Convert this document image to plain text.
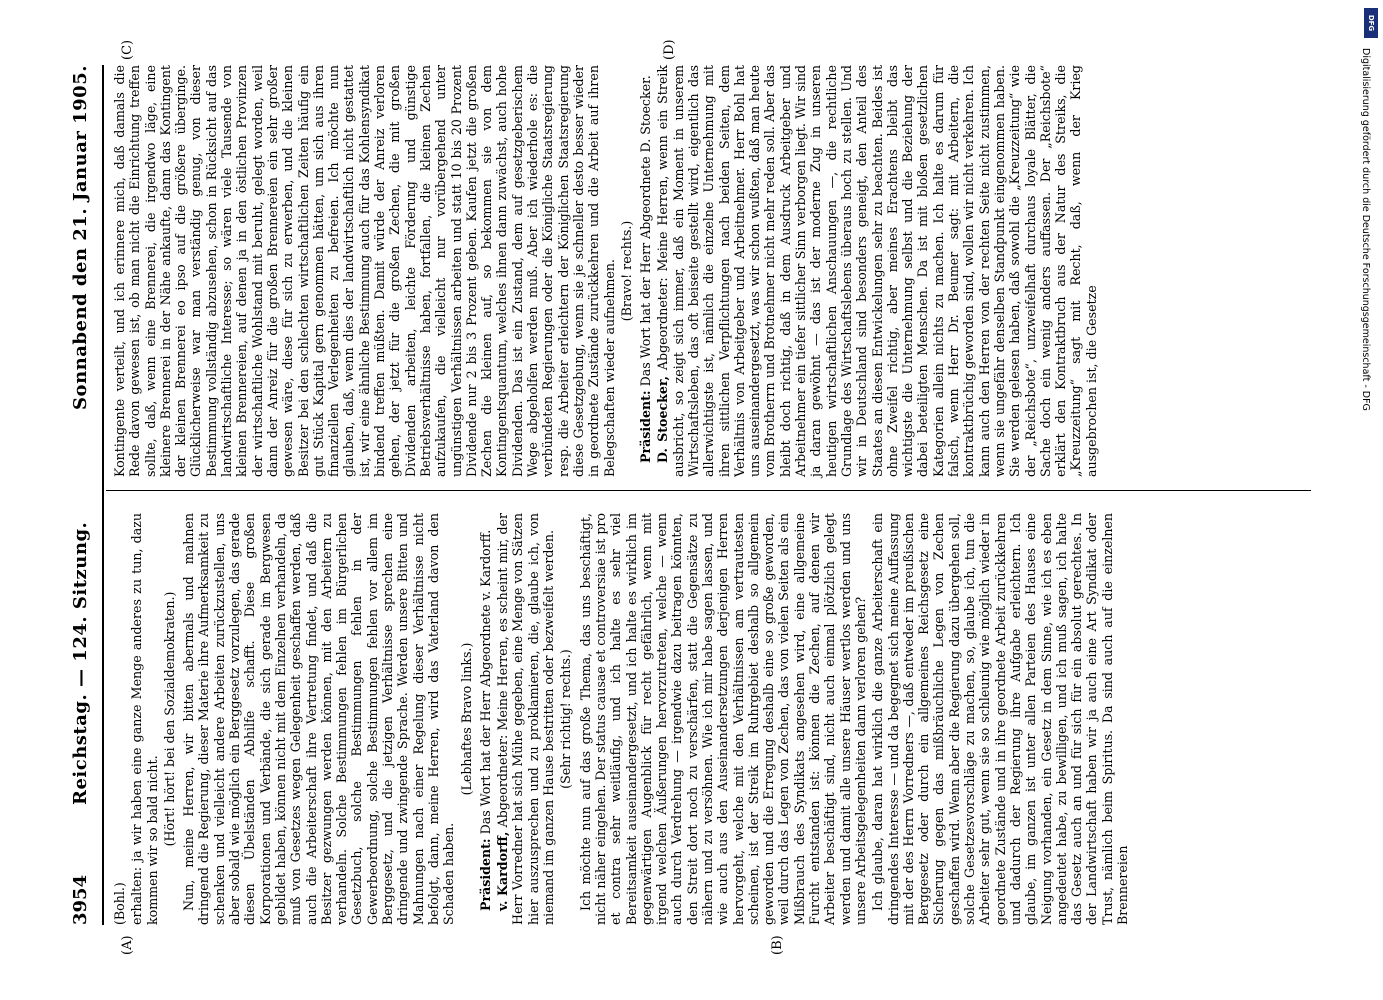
3954
Reichstag. — 124. Sitzung.
Sonnabend den 21. Januar 1905.
(A)	(B)
(C)	(D)

(Bohl.) erhalten: ja wir haben eine ganze Menge anderes zu tun, dazu kommen wir so bald nicht. (Hört! hört! bei den Sozialdemokraten.) Nun, meine Herren, wir bitten abermals und mahnen dringend die Regierung, dieser Materie ihre Aufmerksamkeit zu schenken und vielleicht andere Arbeiten zurückzustellen, uns aber sobald wie möglich ein Berggesetz vorzulegen, das gerade diesen Übelständen Abhilfe schafft. Diese großen Korporationen und Verbände, die sich gerade im Bergwesen gebildet haben, können nicht mit dem Einzelnen verhandeln, da muß von Gesetzes wegen Gelegenheit geschaffen werden, daß auch die Arbeiterschaft ihre Vertretung findet, und daß die Besitzer gezwungen werden können, mit den Arbeitern zu verhandeln. Solche Bestimmungen fehlen im Bürgerlichen Gesetzbuch, solche Bestimmungen fehlen in der Gewerbeordnung, solche Bestimmungen fehlen vor allem im Berggesetz, und die jetzigen Verhältnisse sprechen eine dringende und zwingende Sprache. Werden unsere Bitten und Mahnungen nach einer Regelung dieser Verhältnisse nicht befolgt, dann, meine Herren, wird das Vaterland davon den Schaden haben.

(Lebhaftes Bravo links.)

Präsident: Das Wort hat der Herr Abgeordnete v. Kardorff.

v. Kardorff, Abgeordneter: Meine Herren, es scheint mir, der Herr Vorredner hat sich Mühe gegeben, eine Menge von Sätzen hier auszusprechen und zu proklamieren, die, glaube ich, von niemand im ganzen Hause bestritten oder bezweifelt werden. (Sehr richtig! rechts.) Ich möchte nun auf das große Thema, das uns beschäftigt, nicht näher eingehen. Der status causae et controversiae ist pro et contra sehr weitläufig, und ich halte es sehr viel Bereitsamkeit auseinandergesetzt, und ich halte es wirklich im gegenwärtigen Augenblick für recht gefährlich, wenn mit irgend welchen Äußerungen hervorzutreten, welche — wenn auch durch Verdrehung — irgendwie dazu beitragen könnten, den Streit dort noch zu verschärfen, statt die Gegensätze zu nähern und zu versöhnen. Wie ich mir habe sagen lassen, und wie auch aus den Auseinandersetzungen derjenigen Herren hervorgeht, welche mit den Verhältnissen am vertrautesten scheinen, ist der Streik im Ruhrgebiet deshalb so allgemein geworden und die Erregung deshalb eine so große geworden, weil durch das Legen von Zechen, das von vielen Seiten als ein Mißbrauch des Syndikats angesehen wird, eine allgemeine Furcht entstanden ist: können die Zechen, auf denen wir Arbeiter beschäftigt sind, nicht auch einmal plötzlich gelegt werden und damit alle unsere Häuser wertlos werden und uns unsere Arbeitsgelegenheiten dann verloren gehen? Ich glaube, daran hat wirklich die ganze Arbeiterschaft ein dringendes Interesse — und da begegnet sich meine Auffassung mit der des Herrn Vorredners —, daß entweder im preußischen Berggesetz oder durch ein allgemeines Reichsgesetz eine Sicherung gegen das mißbräuchliche Legen von Zechen geschaffen wird. Wenn aber die Regierung dazu übergehen soll, solche Gesetzesvorschläge zu machen, so, glaube ich, tun die Arbeiter sehr gut, wenn sie so schleunig wie möglich wieder in geordnete Zustände und in ihre geordnete Arbeit zurückkehren und dadurch der Regierung ihre Aufgabe erleichtern. Ich glaube, im ganzen ist unter allen Parteien des Hauses eine Neigung vorhanden, ein Gesetz in dem Sinne, wie ich es eben angedeutet habe, zu bewilligen, und ich muß sagen, ich halte das Gesetz auch an und für sich für ein absolut gerechtes. In der Landwirtschaft haben wir ja auch eine Art Syndikat oder Trust, nämlich beim Spiritus. Da sind auch auf die einzelnen Brennereien

Kontingente verteilt, und ich erinnere mich, daß damals die Rede davon gewesen ist, ob man nicht die Einrichtung treffen sollte, daß, wenn eine Brennerei, die irgendwo läge, eine kleinere Brennerei in der Nähe ankaufte, dann das Kontingent der kleinen Brennerei eo ipso auf die größere überginge. Glücklicherweise war man verständig genug, von dieser Bestimmung vollständig abzusehen, schon in Rücksicht auf das landwirtschaftliche Interesse; so wären viele Tausende von kleinen Brennereien, auf denen ja in den östlichen Provinzen der wirtschaftliche Wohlstand mit beruht, gelegt worden, weil dann der Anreiz für die großen Brennereien ein sehr großer gewesen wäre, diese für sich zu erwerben, und die kleinen Besitzer bei den schlechten wirtschaftlichen Zeiten häufig ein gut Stück Kapital gern genommen hätten, um sich aus ihren finanziellen Verlegenheiten zu befreien. Ich möchte nun glauben, daß, wenn dies der landwirtschaftlich nicht gestattet ist, wir eine ähnliche Bestimmung auch für das Kohlensyndikat bindend treffen müßten. Damit würde der Anreiz verloren gehen, der jetzt für die großen Zechen, die mit großen Dividenden arbeiten, leichte Förderung und günstige Betriebsverhältnisse haben, fortfallen, die kleinen Zechen aufzukaufen, die vielleicht nur vorübergehend unter ungünstigen Verhältnissen arbeiten und statt 10 bis 20 Prozent Dividende nur 2 bis 3 Prozent geben. Kaufen jetzt die großen Zechen die kleinen auf, so bekommen sie von dem Kontingentsquantum, welches ihnen dann zuwächst, auch hohe Dividenden. Das ist ein Zustand, dem auf gesetzgeberischem Wege abgeholfen werden muß. Aber ich wiederhole es: die verbündeten Regierungen oder die Königliche Staatsregierung resp. die Arbeiter erleichtern der Königlichen Staatsregierung diese Gesetzgebung, wenn sie je schneller desto besser wieder in geordnete Zustände zurückkehren und die Arbeit auf ihren Belegschaften wieder aufnehmen. (Bravo! rechts.)

Präsident: Das Wort hat der Herr Abgeordnete D. Stoecker.

D. Stoecker, Abgeordneter: Meine Herren, wenn ein Streik ausbricht, so zeigt sich immer, daß ein Moment in unserem Wirtschaftsleben, das oft beiseite gestellt wird, eigentlich das allerwichtigste ist, nämlich die einzelne Unternehmung mit ihren sittlichen Verpflichtungen nach beiden Seiten, dem Verhältnis von Arbeitgeber und Arbeitnehmer. Herr Bohl hat uns auseinandergesetzt, was wir schon wußten, daß man heute vom Brotherrn und Brotnehmer nicht mehr reden soll. Aber das bleibt doch richtig, daß in dem Ausdruck Arbeitgeber und Arbeitnehmer ein tiefer sittlicher Sinn verborgen liegt. Wir sind ja daran gewöhnt — das ist der moderne Zug in unseren heutigen wirtschaftlichen Anschauungen —, die rechtliche Grundlage des Wirtschaftslebens überaus hoch zu stellen. Und wir in Deutschland sind besonders geneigt, den Anteil des Staates an diesen Entwickelungen sehr zu beachten. Beides ist ohne Zweifel richtig, aber meines Erachtens bleibt das wichtigste die Unternehmung selbst und die Beziehung der dabei beteiligten Menschen. Da ist mit bloßen gesetzlichen Kategorien allein nichts zu machen. Ich halte es darum für falsch, wenn Herr Dr. Beumer sagt: mit Arbeitern, die kontraktbrüchig geworden sind, wollen wir nicht verkehren. Ich kann auch den Herren von der rechten Seite nicht zustimmen, wenn sie ungefähr denselben Standpunkt eingenommen haben. Sie werden gelesen haben, daß sowohl die „Kreuzzeitung“ wie der „Reichsbote“, unzweifelhaft durchaus loyale Blätter, die Sache doch ein wenig anders auffassen. Der „Reichsbote“ erklärt den Kontraktbruch aus der Natur des Streiks, die „Kreuzzeitung“ sagt mit Recht, daß, wenn der Krieg ausgebrochen ist, die Gesetze

DFG
Digitalisierung gefördert durch die Deutsche Forschungsgemeinschaft - DFG
